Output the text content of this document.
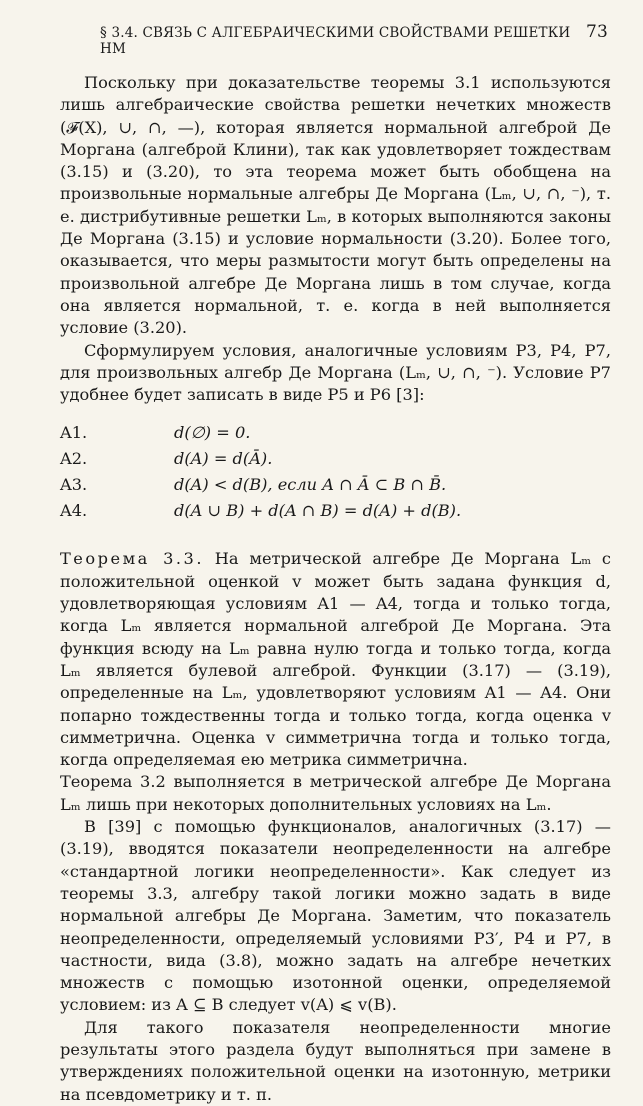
§ 3.4. СВЯЗЬ С АЛГЕБРАИЧЕСКИМИ СВОЙСТВАМИ РЕШЕТКИ НМ
73

Поскольку при доказательстве теоремы 3.1 используются лишь алгебраические свойства решетки нечетких множеств (𝓕(X), ∪, ∩, —), которая является нормальной алгеброй Де Моргана (алгеброй Клини), так как удовлетворяет тождествам (3.15) и (3.20), то эта теорема может быть обобщена на произвольные нормальные алгебры Де Моргана (Lₘ, ∪, ∩, ⁻), т. е. дистрибутивные решетки Lₘ, в которых выполняются законы Де Моргана (3.15) и условие нормальности (3.20). Более того, оказывается, что меры размытости могут быть определены на произвольной алгебре Де Моргана лишь в том случае, когда она является нормальной, т. е. когда в ней выполняется условие (3.20).

Сформулируем условия, аналогичные условиям P3, P4, P7, для произвольных алгебр Де Моргана (Lₘ, ∪, ∩, ⁻). Условие P7 удобнее будет записать в виде P5 и P6 [3]:

A1.	d(∅) = 0.
A2.	d(A) = d(Ā).
A3.	d(A) < d(B), если A ∩ Ā ⊂ B ∩ B̄.
A4.	d(A ∪ B) + d(A ∩ B) = d(A) + d(B).

Теорема 3.3. На метрической алгебре Де Моргана Lₘ с положительной оценкой v может быть задана функция d, удовлетворяющая условиям A1 — A4, тогда и только тогда, когда Lₘ является нормальной алгеброй Де Моргана. Эта функция всюду на Lₘ равна нулю тогда и только тогда, когда Lₘ является булевой алгеброй. Функции (3.17) — (3.19), определенные на Lₘ, удовлетворяют условиям A1 — A4. Они попарно тождественны тогда и только тогда, когда оценка v симметрична. Оценка v симметрична тогда и только тогда, когда определяемая ею метрика симметрична.

Теорема 3.2 выполняется в метрической алгебре Де Моргана Lₘ лишь при некоторых дополнительных условиях на Lₘ.

В [39] с помощью функционалов, аналогичных (3.17) — (3.19), вводятся показатели неопределенности на алгебре «стандартной логики неопределенности». Как следует из теоремы 3.3, алгебру такой логики можно задать в виде нормальной алгебры Де Моргана. Заметим, что показатель неопределенности, определяемый условиями P3′, P4 и P7, в частности, вида (3.8), можно задать на алгебре нечетких множеств с помощью изотонной оценки, определяемой условием: из A ⊆ B следует v(A) ⩽ v(B).

Для такого показателя неопределенности многие результаты этого раздела будут выполняться при замене в утверждениях положительной оценки на изотонную, метрики на псевдометрику и т. п.
